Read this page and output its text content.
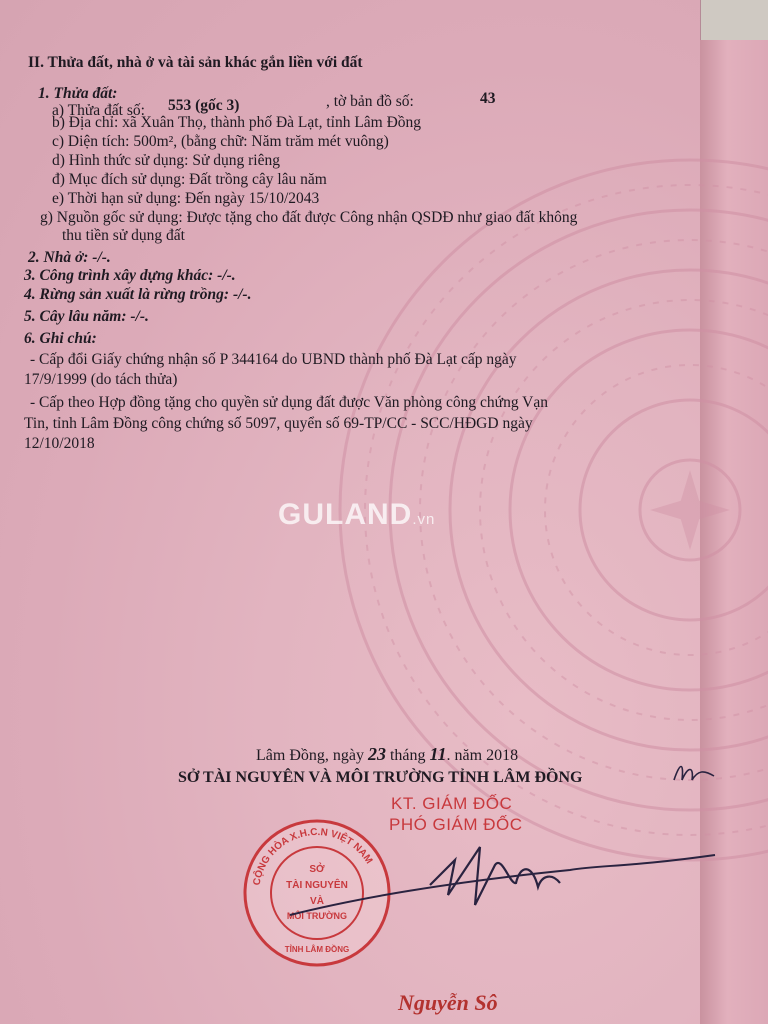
II. Thửa đất, nhà ở và tài sản khác gắn liền với đất
1. Thửa đất:
a) Thửa đất số: 553 (gốc 3)	, tờ bản đồ số:	43
b) Địa chỉ: xã Xuân Thọ, thành phố Đà Lạt, tỉnh Lâm Đồng
c) Diện tích: 500m², (bằng chữ: Năm trăm mét vuông)
d) Hình thức sử dụng: Sử dụng riêng
đ) Mục đích sử dụng: Đất trồng cây lâu năm
e) Thời hạn sử dụng: Đến ngày 15/10/2043
g) Nguồn gốc sử dụng: Được tặng cho đất được Công nhận QSDĐ như giao đất không
thu tiền sử dụng đất
2. Nhà ở: -/-.
3. Công trình xây dựng khác: -/-.
4. Rừng sản xuất là rừng trồng: -/-.
5. Cây lâu năm: -/-.
6. Ghi chú:
- Cấp đổi Giấy chứng nhận số P 344164 do UBND thành phố Đà Lạt cấp ngày
17/9/1999 (do tách thửa)
- Cấp theo Hợp đồng tặng cho quyền sử dụng đất được Văn phòng công chứng Vạn
Tin, tỉnh Lâm Đồng công chứng số 5097, quyển số 69-TP/CC - SCC/HĐGD ngày
12/10/2018
GULAND.vn
Lâm Đồng, ngày 23 tháng 11. năm 2018
SỞ TÀI NGUYÊN VÀ MÔI TRƯỜNG TỈNH LÂM ĐỒNG
KT. GIÁM ĐỐC
PHÓ GIÁM ĐỐC
CỘNG HÒA X.H.C.N VIỆT NAM
SỞ
TÀI NGUYÊN
VÀ
MÔI TRƯỜNG
TỈNH LÂM ĐỒNG
Nguyễn Sô
